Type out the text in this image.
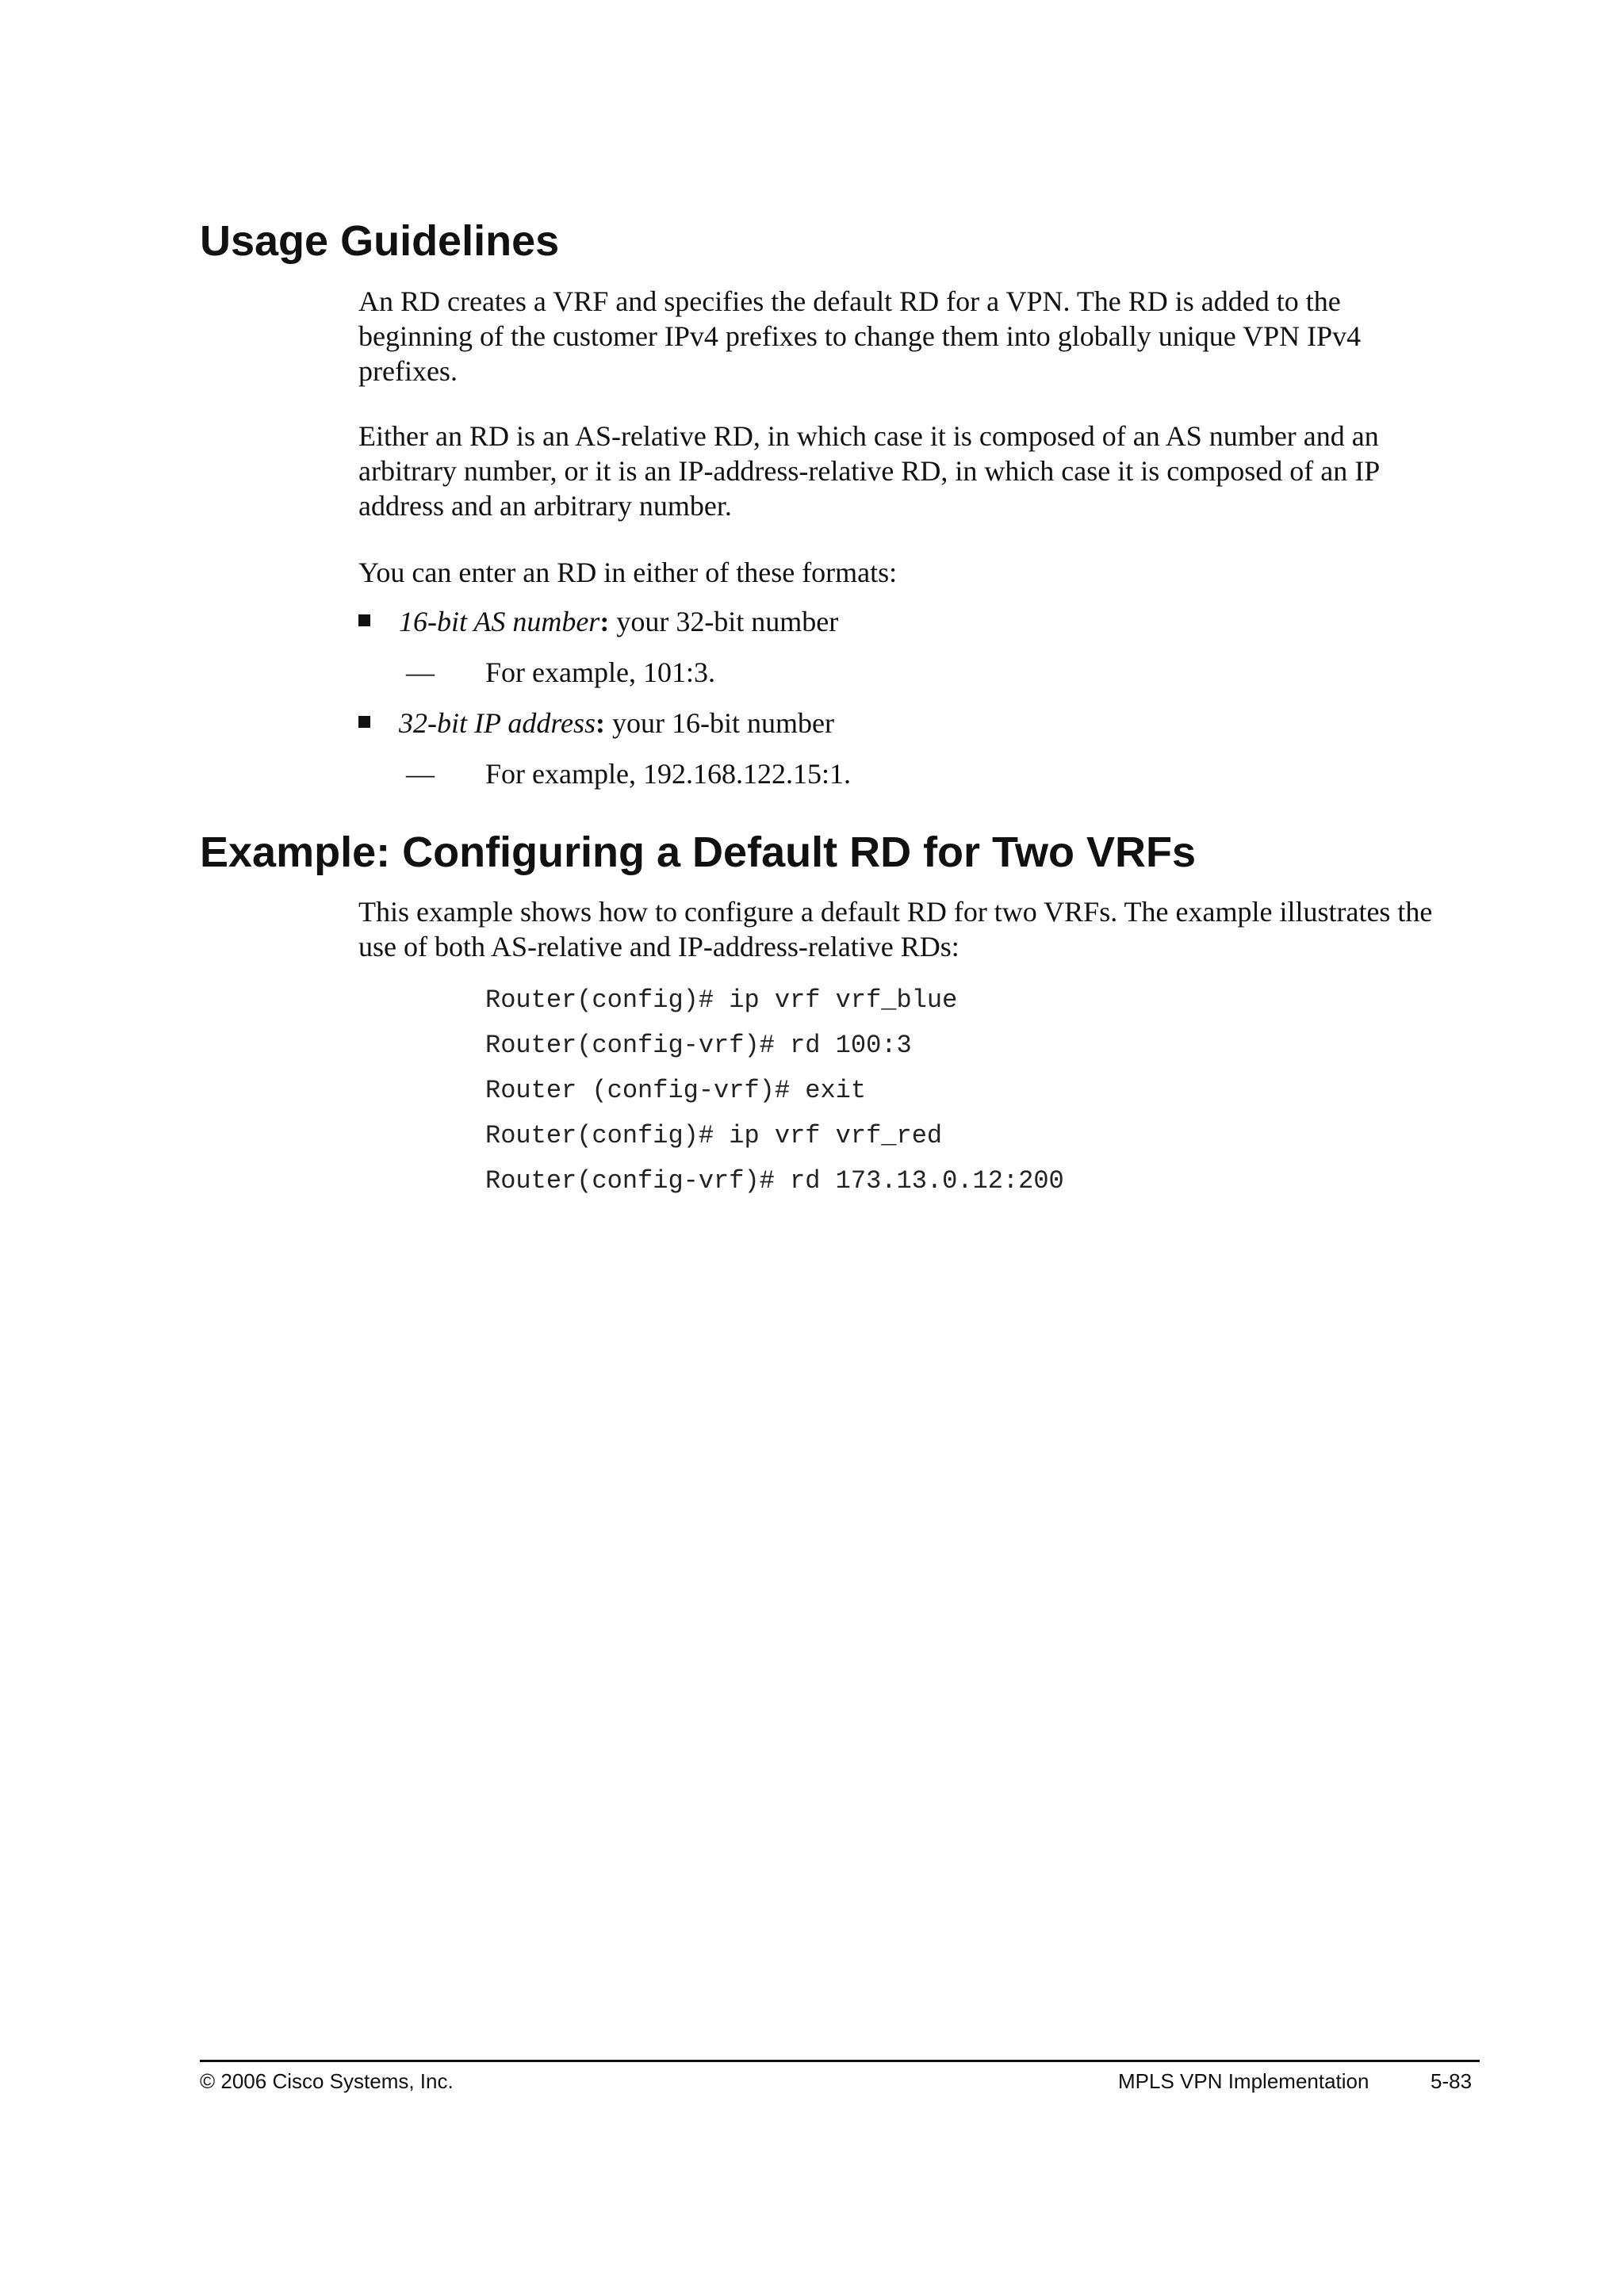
Usage Guidelines

An RD creates a VRF and specifies the default RD for a VPN. The RD is added to the beginning of the customer IPv4 prefixes to change them into globally unique VPN IPv4 prefixes.

Either an RD is an AS-relative RD, in which case it is composed of an AS number and an arbitrary number, or it is an IP-address-relative RD, in which case it is composed of an IP address and an arbitrary number.

You can enter an RD in either of these formats:

16-bit AS number: your 32-bit number
— For example, 101:3.
32-bit IP address: your 16-bit number
— For example, 192.168.122.15:1.
Example: Configuring a Default RD for Two VRFs

This example shows how to configure a default RD for two VRFs. The example illustrates the use of both AS-relative and IP-address-relative RDs:

Router(config)# ip vrf vrf_blue
Router(config-vrf)# rd 100:3
Router (config-vrf)# exit
Router(config)# ip vrf vrf_red
Router(config-vrf)# rd 173.13.0.12:200
© 2006 Cisco Systems, Inc.	MPLS VPN Implementation	5-83
